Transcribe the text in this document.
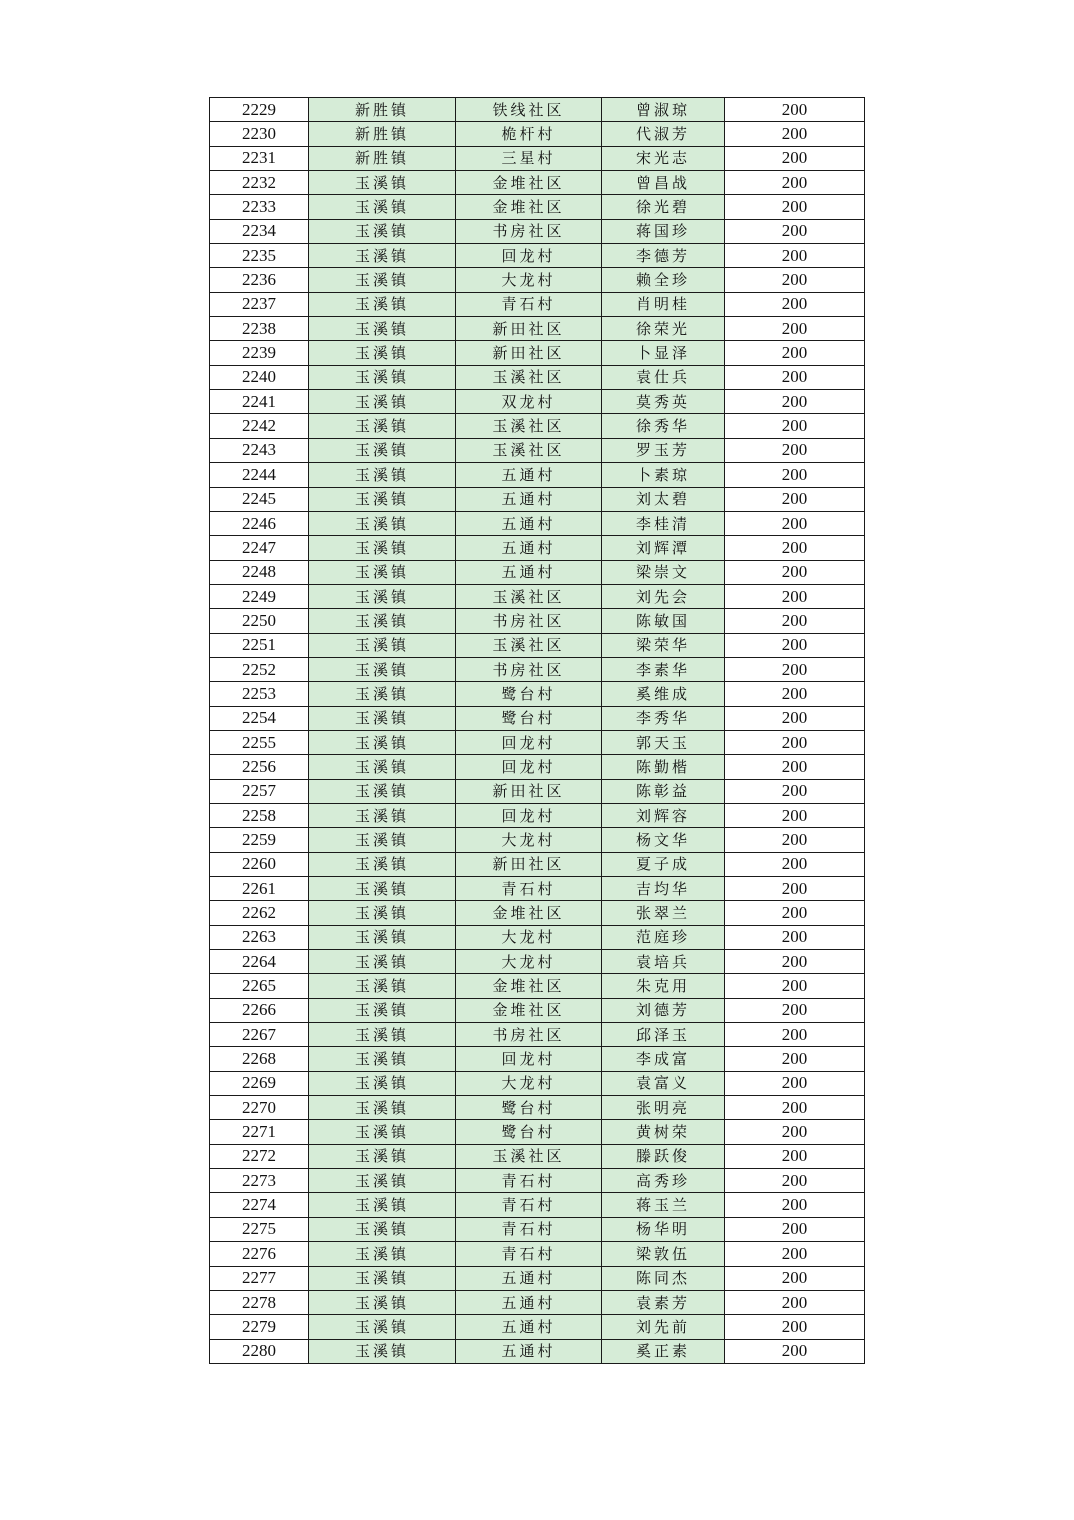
2229	新胜镇	铁线社区	曾淑琼	200
2230	新胜镇	桅杆村	代淑芳	200
2231	新胜镇	三星村	宋光志	200
2232	玉溪镇	金堆社区	曾昌战	200
2233	玉溪镇	金堆社区	徐光碧	200
2234	玉溪镇	书房社区	蒋国珍	200
2235	玉溪镇	回龙村	李德芳	200
2236	玉溪镇	大龙村	赖全珍	200
2237	玉溪镇	青石村	肖明桂	200
2238	玉溪镇	新田社区	徐荣光	200
2239	玉溪镇	新田社区	卜显泽	200
2240	玉溪镇	玉溪社区	袁仕兵	200
2241	玉溪镇	双龙村	莫秀英	200
2242	玉溪镇	玉溪社区	徐秀华	200
2243	玉溪镇	玉溪社区	罗玉芳	200
2244	玉溪镇	五通村	卜素琼	200
2245	玉溪镇	五通村	刘太碧	200
2246	玉溪镇	五通村	李桂清	200
2247	玉溪镇	五通村	刘辉潭	200
2248	玉溪镇	五通村	梁崇文	200
2249	玉溪镇	玉溪社区	刘先会	200
2250	玉溪镇	书房社区	陈敏国	200
2251	玉溪镇	玉溪社区	梁荣华	200
2252	玉溪镇	书房社区	李素华	200
2253	玉溪镇	鹭台村	奚维成	200
2254	玉溪镇	鹭台村	李秀华	200
2255	玉溪镇	回龙村	郭天玉	200
2256	玉溪镇	回龙村	陈勤楷	200
2257	玉溪镇	新田社区	陈彰益	200
2258	玉溪镇	回龙村	刘辉容	200
2259	玉溪镇	大龙村	杨文华	200
2260	玉溪镇	新田社区	夏子成	200
2261	玉溪镇	青石村	吉均华	200
2262	玉溪镇	金堆社区	张翠兰	200
2263	玉溪镇	大龙村	范庭珍	200
2264	玉溪镇	大龙村	袁培兵	200
2265	玉溪镇	金堆社区	朱克用	200
2266	玉溪镇	金堆社区	刘德芳	200
2267	玉溪镇	书房社区	邱泽玉	200
2268	玉溪镇	回龙村	李成富	200
2269	玉溪镇	大龙村	袁富义	200
2270	玉溪镇	鹭台村	张明亮	200
2271	玉溪镇	鹭台村	黄树荣	200
2272	玉溪镇	玉溪社区	滕跃俊	200
2273	玉溪镇	青石村	高秀珍	200
2274	玉溪镇	青石村	蒋玉兰	200
2275	玉溪镇	青石村	杨华明	200
2276	玉溪镇	青石村	梁敦伍	200
2277	玉溪镇	五通村	陈同杰	200
2278	玉溪镇	五通村	袁素芳	200
2279	玉溪镇	五通村	刘先前	200
2280	玉溪镇	五通村	奚正素	200
